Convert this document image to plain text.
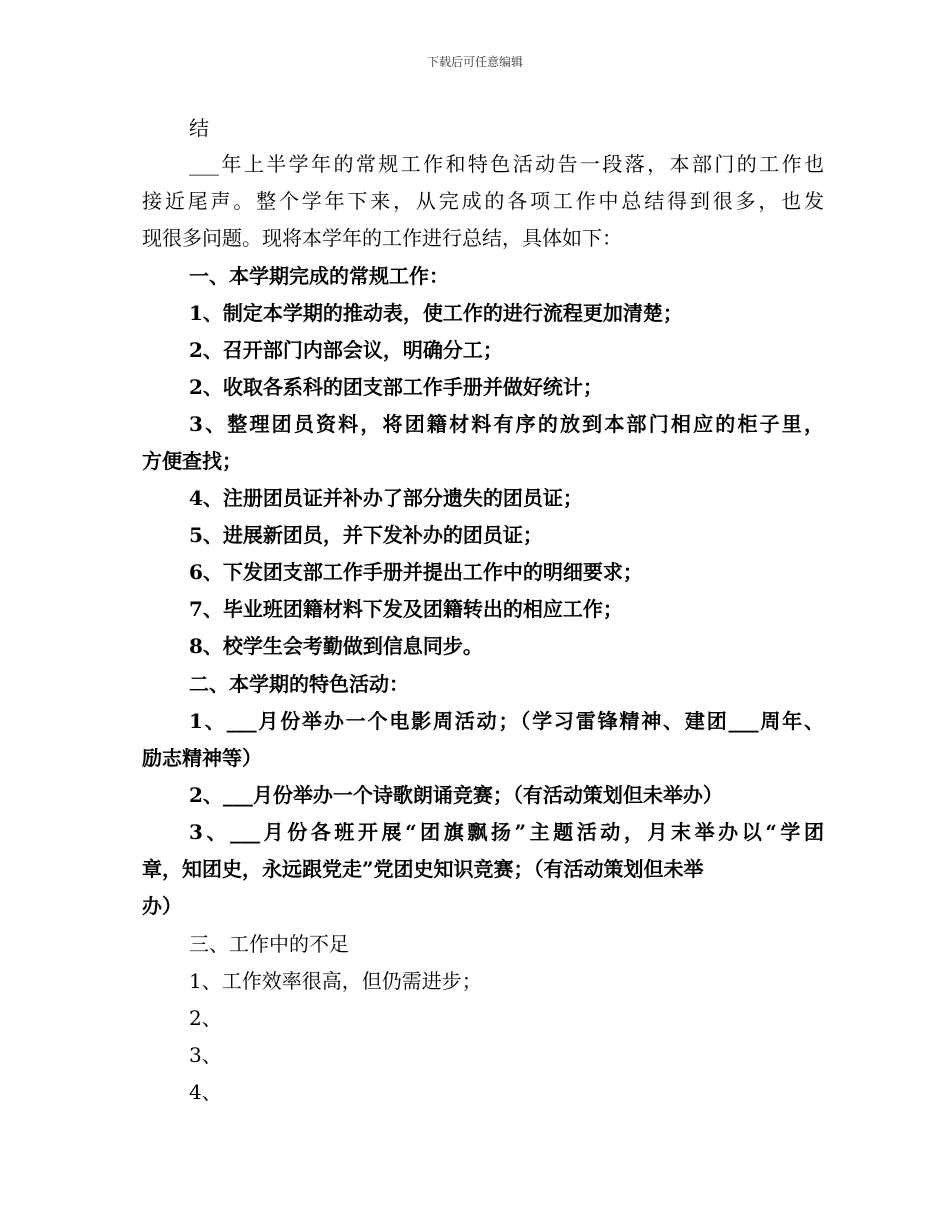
下载后可任意编辑
结
___年上半学年的常规工作和特色活动告一段落，本部门的工作也
接近尾声。整个学年下来，从完成的各项工作中总结得到很多，也发
现很多问题。现将本学年的工作进行总结，具体如下：
一、本学期完成的常规工作：
1、制定本学期的推动表，使工作的进行流程更加清楚；
2、召开部门内部会议，明确分工；
2、收取各系科的团支部工作手册并做好统计；
3、整理团员资料，将团籍材料有序的放到本部门相应的柜子里，
方便查找；
4、注册团员证并补办了部分遗失的团员证；
5、进展新团员，并下发补办的团员证；
6、下发团支部工作手册并提出工作中的明细要求；
7、毕业班团籍材料下发及团籍转出的相应工作；
8、校学生会考勤做到信息同步。
二、本学期的特色活动：
1、___月份举办一个电影周活动；（学习雷锋精神、建团___周年、
励志精神等）
2、___月份举办一个诗歌朗诵竞赛；（有活动策划但未举办）
3、___月份各班开展“团旗飘扬”主题活动，月末举办以“学团
章，知团史，永远跟党走”党团史知识竞赛；（有活动策划但未举
办）
三、工作中的不足
1、工作效率很高，但仍需进步；
2、
3、
4、
